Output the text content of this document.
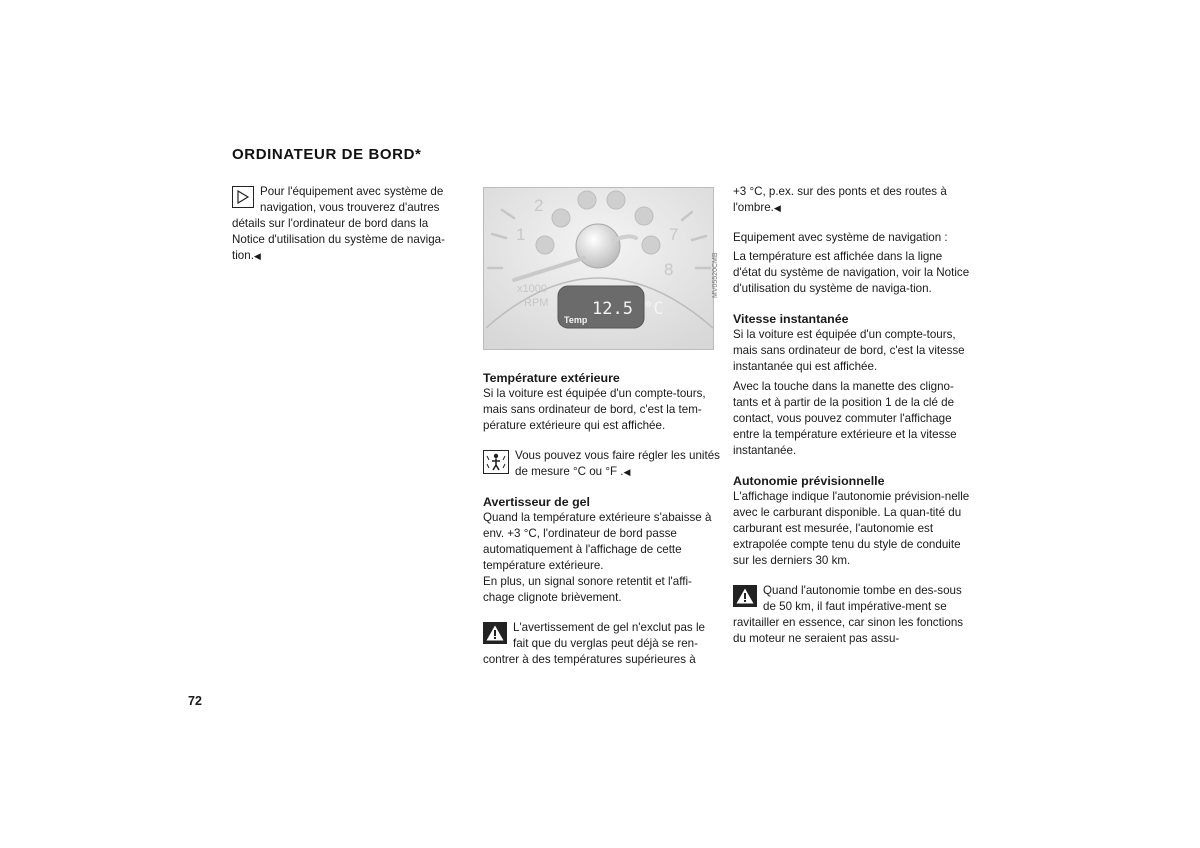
ORDINATEUR DE BORD*

Pour l'équipement avec système de navigation, vous trouverez d'autres détails sur l'ordinateur de bord dans la Notice d'utilisation du système de naviga-tion.◀

2
1	7
8
x1000
RPM	12.5 °C
Temp
MV05520CMB

Température extérieure

Si la voiture est équipée d'un compte-tours, mais sans ordinateur de bord, c'est la tem-pérature extérieure qui est affichée.

Vous pouvez vous faire régler les unités de mesure °C ou °F .◀

Avertisseur de gel

Quand la température extérieure s'abaisse à env. +3 °C, l'ordinateur de bord passe automatiquement à l'affichage de cette température extérieure.

En plus, un signal sonore retentit et l'affi-chage clignote brièvement.

L'avertissement de gel n'exclut pas le fait que du verglas peut déjà se ren-contrer à des températures supérieures à

+3 °C, p.ex. sur des ponts et des routes à l'ombre.◀

Equipement avec système de navigation :

La température est affichée dans la ligne d'état du système de navigation, voir la Notice d'utilisation du système de naviga-tion.

Vitesse instantanée

Si la voiture est équipée d'un compte-tours, mais sans ordinateur de bord, c'est la vitesse instantanée qui est affichée.

Avec la touche dans la manette des cligno-tants et à partir de la position 1 de la clé de contact, vous pouvez commuter l'affichage entre la température extérieure et la vitesse instantanée.

Autonomie prévisionnelle

L'affichage indique l'autonomie prévision-nelle avec le carburant disponible. La quan-tité du carburant est mesurée, l'autonomie est extrapolée compte tenu du style de conduite sur les derniers 30 km.

Quand l'autonomie tombe en des-sous de 50 km, il faut impérative-ment se ravitailler en essence, car sinon les fonctions du moteur ne seraient pas assu-

72
